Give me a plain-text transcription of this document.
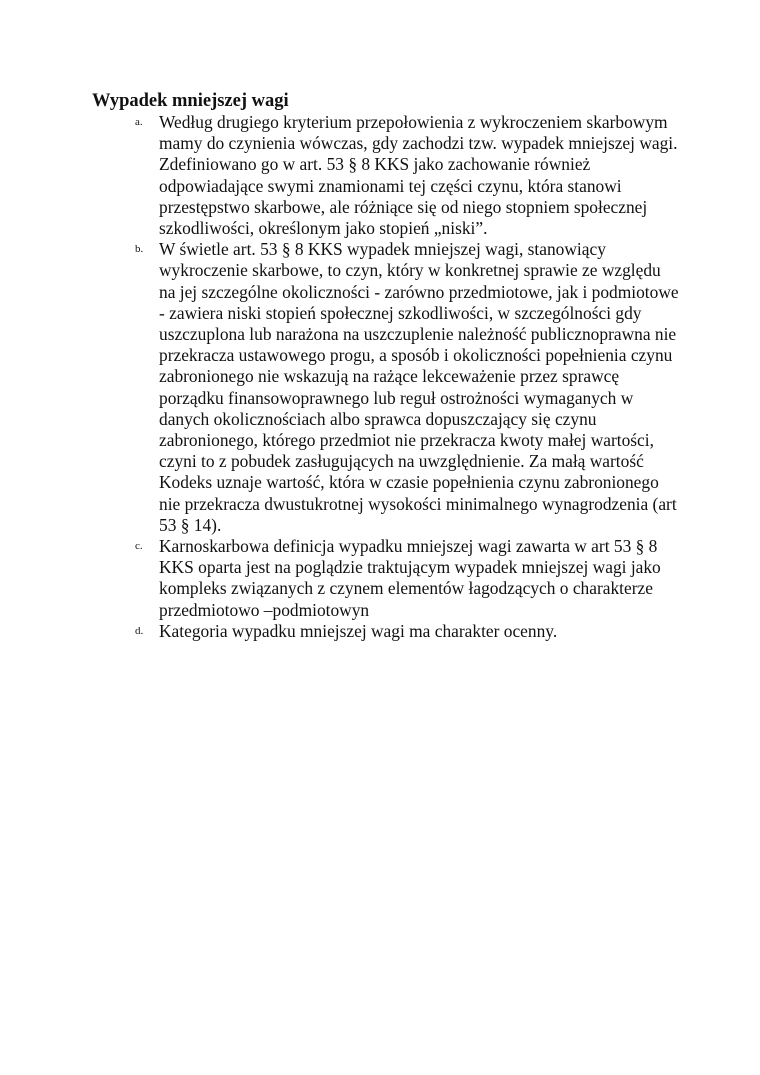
Wypadek mniejszej wagi
a. Według drugiego kryterium przepołowienia z wykroczeniem skarbowym mamy do czynienia wówczas, gdy zachodzi tzw. wypadek mniejszej wagi. Zdefiniowano go w art. 53 § 8 KKS jako zachowanie również odpowiadające swymi znamionami tej części czynu, która stanowi przestępstwo skarbowe, ale różniące się od niego stopniem społecznej szkodliwości, określonym jako stopień „niski”.
b. W świetle art. 53 § 8 KKS wypadek mniejszej wagi, stanowiący wykroczenie skarbowe, to czyn, który w konkretnej sprawie ze względu na jej szczególne okoliczności - zarówno przedmiotowe, jak i podmiotowe - zawiera niski stopień społecznej szkodliwości, w szczególności gdy uszczuplona lub narażona na uszczuplenie należność publicznoprawna nie przekracza ustawowego progu, a sposób i okoliczności popełnienia czynu zabronionego nie wskazują na rażące lekceważenie przez sprawcę porządku finansowoprawnego lub reguł ostrożności wymaganych w danych okolicznościach albo sprawca dopuszczający się czynu zabronionego, którego przedmiot nie przekracza kwoty małej wartości, czyni to z pobudek zasługujących na uwzględnienie. Za małą wartość Kodeks uznaje wartość, która w czasie popełnienia czynu zabronionego nie przekracza dwustukrotnej wysokości minimalnego wynagrodzenia (art 53 § 14).
c. Karnoskarbowa definicja wypadku mniejszej wagi zawarta w art 53 § 8 KKS oparta jest na poglądzie traktującym wypadek mniejszej wagi jako kompleks związanych z czynem elementów łagodzących o charakterze przedmiotowo –podmiotowyn
d. Kategoria wypadku mniejszej wagi ma charakter ocenny.
